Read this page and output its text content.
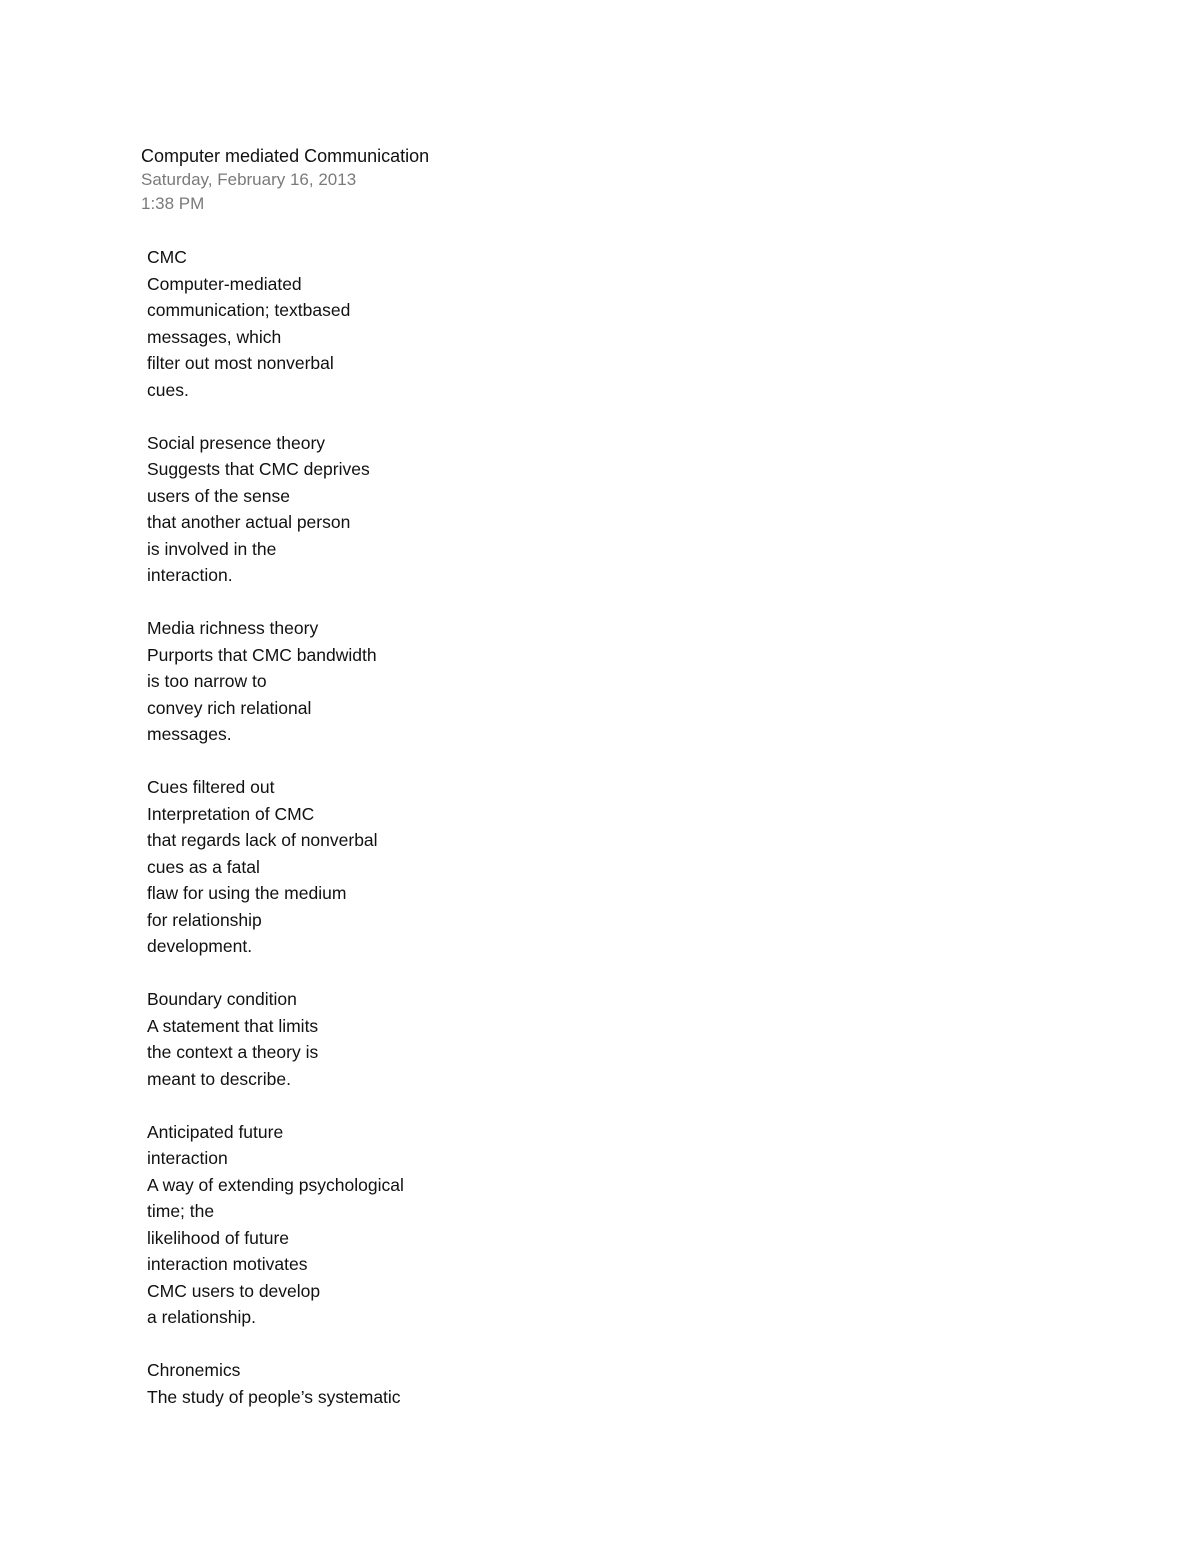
Computer mediated Communication
Saturday, February 16, 2013
1:38 PM
CMC
Computer-mediated
communication; textbased
messages, which
filter out most nonverbal
cues.
Social presence theory
Suggests that CMC deprives
users of the sense
that another actual person
is involved in the
interaction.
Media richness theory
Purports that CMC bandwidth
is too narrow to
convey rich relational
messages.
Cues filtered out
Interpretation of CMC
that regards lack of nonverbal
cues as a fatal
flaw for using the medium
for relationship
development.
Boundary condition
A statement that limits
the context a theory is
meant to describe.
Anticipated future
interaction
A way of extending psychological
time; the
likelihood of future
interaction motivates
CMC users to develop
a relationship.
Chronemics
The study of people’s systematic
